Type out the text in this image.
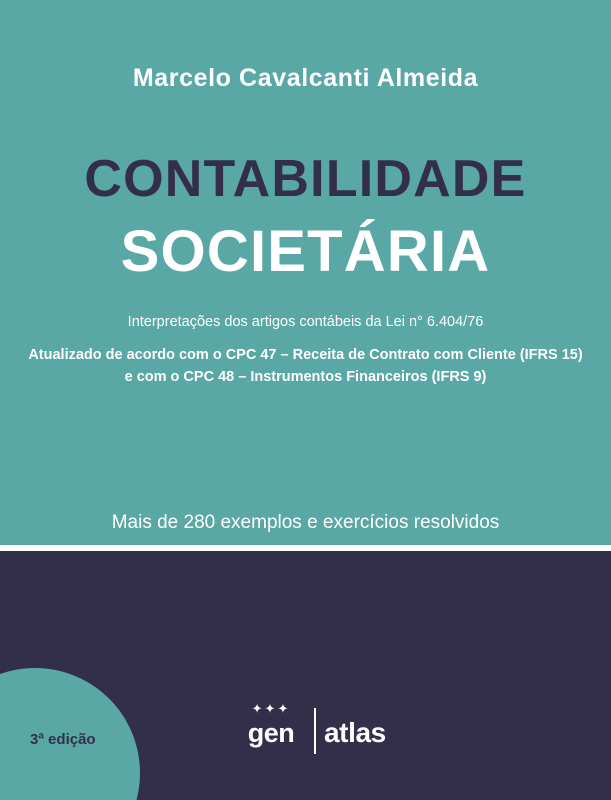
Marcelo Cavalcanti Almeida
CONTABILIDADE
SOCIETÁRIA
Interpretações dos artigos contábeis da Lei n° 6.404/76
Atualizado de acordo com o CPC 47 – Receita de Contrato com Cliente (IFRS 15) e com o CPC 48 – Instrumentos Financeiros (IFRS 9)
Mais de 280 exemplos e exercícios resolvidos
3ª edição
✦✦✦
gen	atlas
